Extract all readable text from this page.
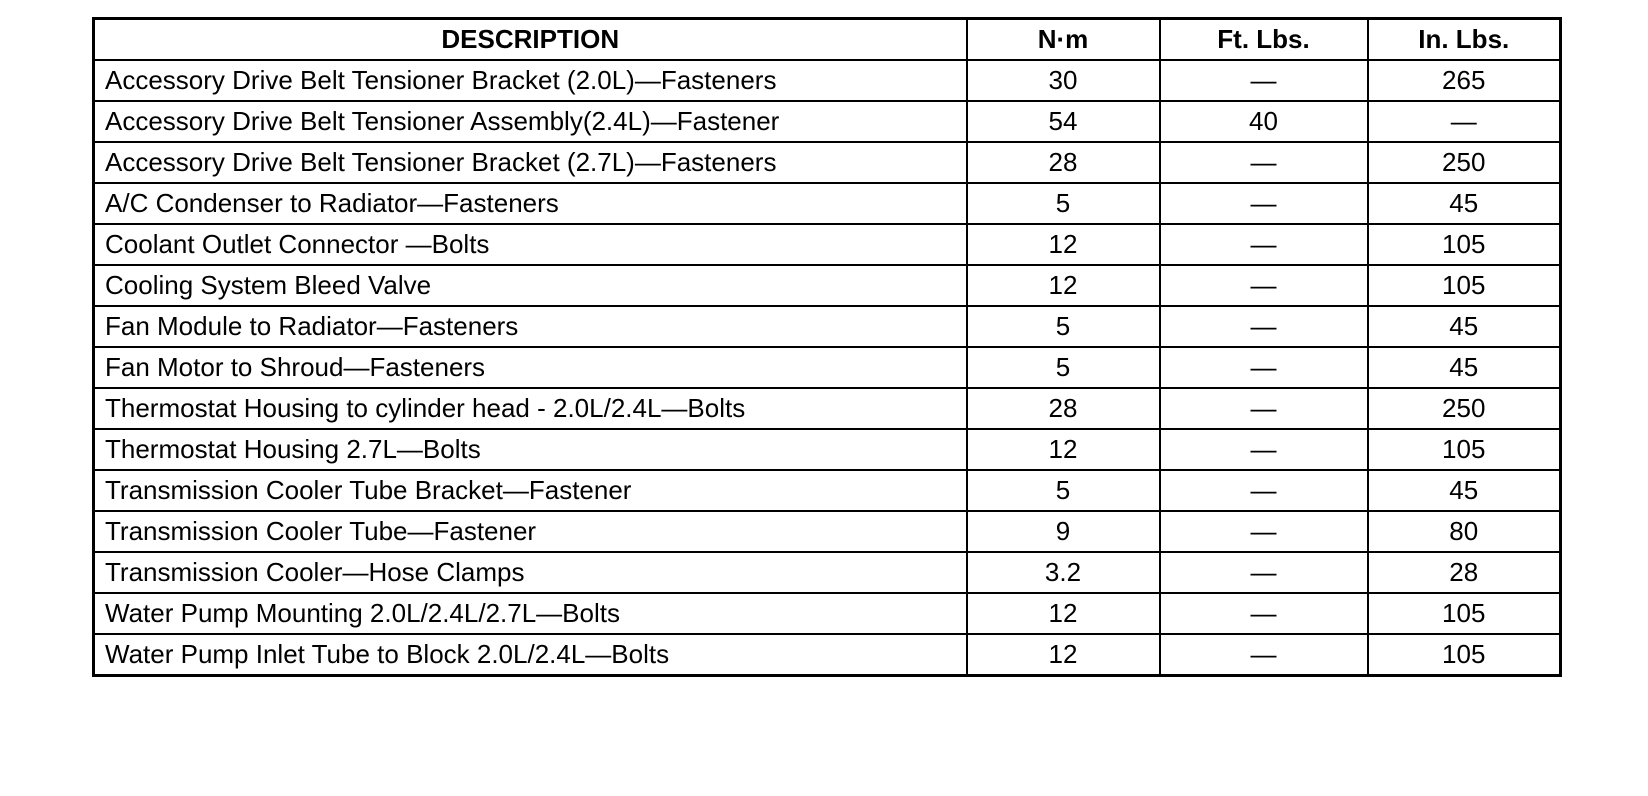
DESCRIPTION	N·m	Ft. Lbs.	In. Lbs.
Accessory Drive Belt Tensioner Bracket (2.0L)—Fasteners	30	—	265
Accessory Drive Belt Tensioner Assembly(2.4L)—Fastener	54	40	—
Accessory Drive Belt Tensioner Bracket (2.7L)—Fasteners	28	—	250
A/C Condenser to Radiator—Fasteners	5	—	45
Coolant Outlet Connector —Bolts	12	—	105
Cooling System Bleed Valve	12	—	105
Fan Module to Radiator—Fasteners	5	—	45
Fan Motor to Shroud—Fasteners	5	—	45
Thermostat Housing to cylinder head - 2.0L/2.4L—Bolts	28	—	250
Thermostat Housing 2.7L—Bolts	12	—	105
Transmission Cooler Tube Bracket—Fastener	5	—	45
Transmission Cooler Tube—Fastener	9	—	80
Transmission Cooler—Hose Clamps	3.2	—	28
Water Pump Mounting 2.0L/2.4L/2.7L—Bolts	12	—	105
Water Pump Inlet Tube to Block 2.0L/2.4L—Bolts	12	—	105
